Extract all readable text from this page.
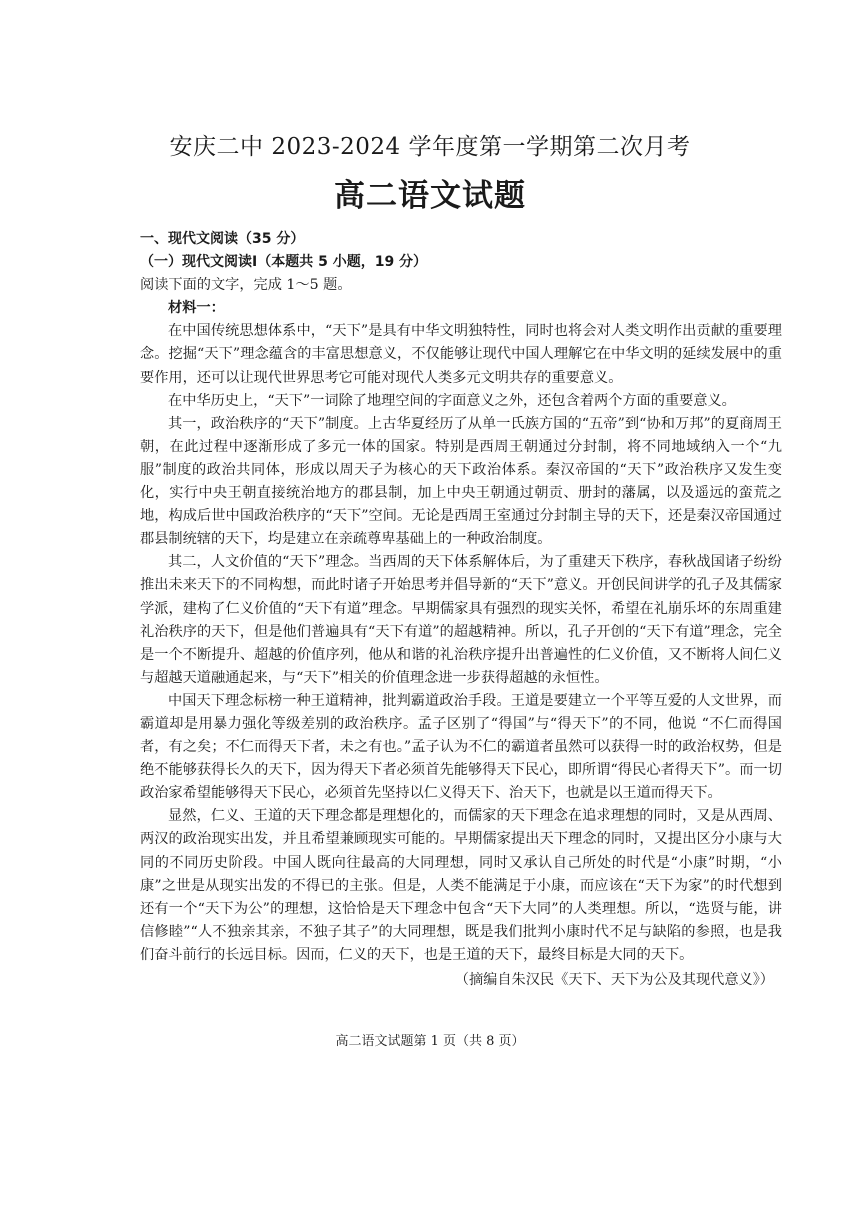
安庆二中 2023-2024 学年度第一学期第二次月考
高二语文试题
一、现代文阅读（35 分）
（一）现代文阅读Ⅰ（本题共 5 小题，19 分）
阅读下面的文字，完成 1～5 题。
材料一：

在中国传统思想体系中，“天下”是具有中华文明独特性，同时也将会对人类文明作出贡献的重要理念。挖掘“天下”理念蕴含的丰富思想意义，不仅能够让现代中国人理解它在中华文明的延续发展中的重要作用，还可以让现代世界思考它可能对现代人类多元文明共存的重要意义。

在中华历史上，“天下”一词除了地理空间的字面意义之外，还包含着两个方面的重要意义。

其一，政治秩序的“天下”制度。上古华夏经历了从单一氏族方国的“五帝”到“协和万邦”的夏商周王朝，在此过程中逐渐形成了多元一体的国家。特别是西周王朝通过分封制，将不同地域纳入一个“九服”制度的政治共同体，形成以周天子为核心的天下政治体系。秦汉帝国的“天下”政治秩序又发生变化，实行中央王朝直接统治地方的郡县制，加上中央王朝通过朝贡、册封的藩属，以及遥远的蛮荒之地，构成后世中国政治秩序的“天下”空间。无论是西周王室通过分封制主导的天下，还是秦汉帝国通过郡县制统辖的天下，均是建立在亲疏尊卑基础上的一种政治制度。

其二，人文价值的“天下”理念。当西周的天下体系解体后，为了重建天下秩序，春秋战国诸子纷纷推出未来天下的不同构想，而此时诸子开始思考并倡导新的“天下”意义。开创民间讲学的孔子及其儒家学派，建构了仁义价值的“天下有道”理念。早期儒家具有强烈的现实关怀，希望在礼崩乐坏的东周重建礼治秩序的天下，但是他们普遍具有“天下有道”的超越精神。所以，孔子开创的“天下有道”理念，完全是一个不断提升、超越的价值序列，他从和谐的礼治秩序提升出普遍性的仁义价值，又不断将人间仁义与超越天道融通起来，与“天下”相关的价值理念进一步获得超越的永恒性。

中国天下理念标榜一种王道精神，批判霸道政治手段。王道是要建立一个平等互爱的人文世界，而霸道却是用暴力强化等级差别的政治秩序。孟子区别了“得国”与“得天下”的不同，他说 “不仁而得国者，有之矣；不仁而得天下者，未之有也。”孟子认为不仁的霸道者虽然可以获得一时的政治权势，但是绝不能够获得长久的天下，因为得天下者必须首先能够得天下民心，即所谓“得民心者得天下”。而一切政治家希望能够得天下民心，必须首先坚持以仁义得天下、治天下，也就是以王道而得天下。

显然，仁义、王道的天下理念都是理想化的，而儒家的天下理念在追求理想的同时，又是从西周、两汉的政治现实出发，并且希望兼顾现实可能的。早期儒家提出天下理念的同时，又提出区分小康与大同的不同历史阶段。中国人既向往最高的大同理想，同时又承认自己所处的时代是“小康”时期，“小康”之世是从现实出发的不得已的主张。但是，人类不能满足于小康，而应该在“天下为家”的时代想到还有一个“天下为公”的理想，这恰恰是天下理念中包含“天下大同”的人类理想。所以，“选贤与能，讲信修睦”“人不独亲其亲，不独子其子”的大同理想，既是我们批判小康时代不足与缺陷的参照，也是我们奋斗前行的长远目标。因而，仁义的天下，也是王道的天下，最终目标是大同的天下。

（摘编自朱汉民《天下、天下为公及其现代意义》）
高二语文试题第 1 页（共 8 页）
